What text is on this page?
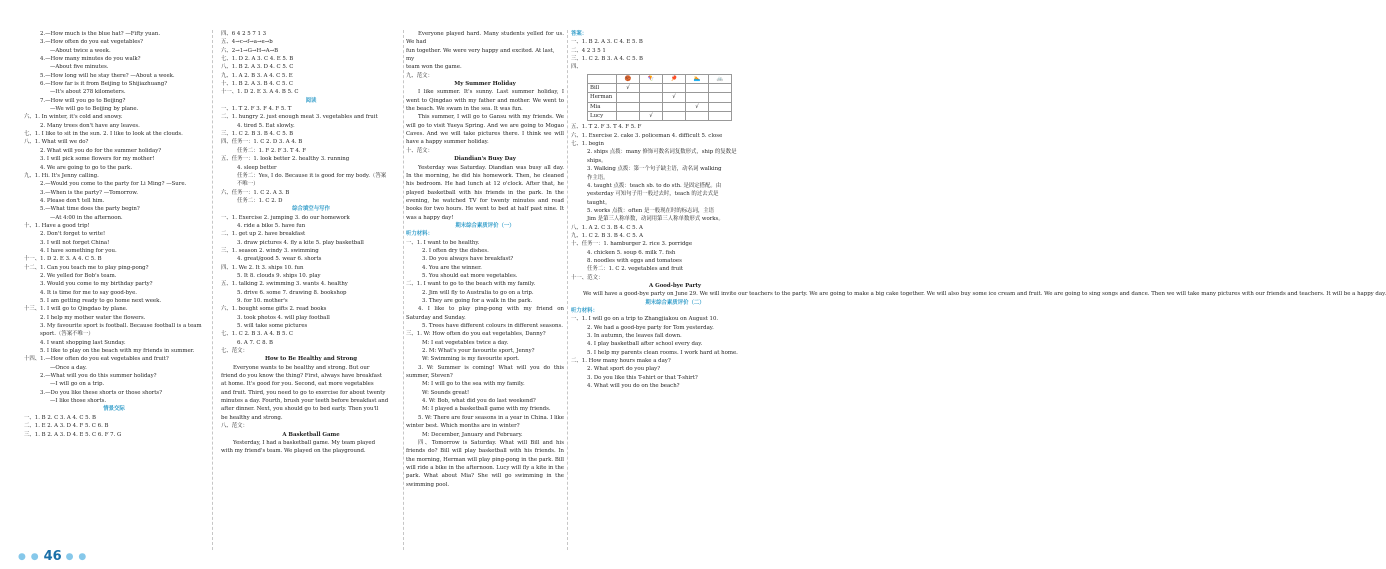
2.—How much is the blue hat? —Fifty yuan.
3.—How often do you eat vegetables?
—About twice a week.
4.—How many minutes do you walk?
—About five minutes.
5.—How long will he stay there? —About a week.
6.—How far is it from Beijing to Shijiazhuang?
—It's about 278 kilometers.
7.—How will you go to Beijing?
—We will go to Beijing by plane.
六、1. In winter, it's cold and snowy.
2. Many trees don't have any leaves.
七、1. I like to sit in the sun. 2. I like to look at the clouds.
八、1. What will we do?
2. What will you do for the summer holiday?
3. I will pick some flowers for my mother!
4. We are going to go to the park.
九、1. Hi. It's Jenny calling.
2.—Would you come to the party for Li Ming? —Sure.
3.—When is the party? —Tomorrow.
4. Please don't tell him.
5.—What time does the party begin?
—At 4:00 in the afternoon.
十、1. Have a good trip!
2. Don't forget to write!
3. I will not forget China!
4. I have something for you.
十一、1. D 2. E 3. A 4. C 5. B
十二、1. Can you teach me to play ping-pong?
2. We yelled for Bob's team.
3. Would you come to my birthday party?
4. It is time for me to say good-bye.
5. I am getting ready to go home next week.
十三、1. I will go to Qingdao by plane.
2. I help my mother water the flowers.
3. My favourite sport is football. Because football is a team
sport.（答案不唯一）
4. I want shopping last Sunday.
5. I like to play on the beach with my friends in summer.
十四、1.—How often do you eat vegetables and fruit?
—Once a day.
2.—What will you do this summer holiday?
—I will go on a trip.
3.—Do you like these shorts or those shorts?
—I like those shorts.
情景交际
一、1. B 2. C 3. A 4. C 5. B
二、1. E 2. A 3. D 4. F 5. C 6. B
三、1. B 2. A 3. D 4. E 5. C 6. F 7. G
四、6 4 2 5 7 1 3
五、4→c→f→a→e→b
六、2→1→G→H→A→B
七、1. D 2. A 3. C 4. E 5. B
八、1. B 2. A 3. D 4. C 5. C
九、1. A 2. B 3. A 4. C 5. E
十、1. B 2. A 3. B 4. C 5. C
十一、1. D 2. E 3. A 4. B 5. C
阅读
一、1. T 2. F 3. F 4. F 5. T
二、1. hungry 2. just enough meat 3. vegetables and fruit
4. tired 5. Eat slowly.
三、1. C 2. B 3. B 4. C 5. B
四、任务一：1. C 2. D 3. A 4. B
任务二：1. F 2. F 3. T 4. F
五、任务一：1. look better 2. healthy 3. running
4. sleep better
任务二：Yes, I do. Because it is good for my body.（答案
不唯一）
六、任务一：1. C 2. A 3. B
任务二：1. C 2. D
综合填空与写作
一、1. Exercise 2. jumping 3. do our homework
4. ride a bike 5. have fun
二、1. get up 2. have breakfast
3. draw pictures 4. fly a kite 5. play basketball
三、1. season 2. windy 3. swimming
4. great/good 5. wear 6. shorts
四、1. We 2. It 3. ships 10. fun
5. It 8. clouds 9. ships 10. play
五、1. talking 2. swimming 3. wants 4. healthy
5. drive 6. some 7. drawing 8. bookshop
9. for 10. mother's
六、1. bought some gifts 2. read books
3. took photos 4. will play football
5. will take some pictures
七、1. C 2. B 3. A 4. B 5. C
6. A 7. C 8. B
七、范文：
How to Be Healthy and Strong
Everyone wants to be healthy and strong. But our
friend do you know the thing? First, always have breakfast
at home. It's good for you. Second, eat more vegetables
and fruit. Third, you need to go to exercise for about twenty
minutes a day. Fourth, brush your teeth before breakfast and
after dinner. Next, you should go to bed early. Then you'll
be healthy and strong.
八、范文：
A Basketball Game
Yesterday, I had a basketball game. My team played
with my friend's team. We played on the playground.
Everyone played hard. Many students yelled for us. We had
fun together. We were very happy and excited. At last, my
team won the game.
九、范文：
My Summer Holiday
I like summer. It's sunny. Last summer holiday, I went to Qingdao with my father and mother. We went to the beach. We swam in the sea. It was fun.
This summer, I will go to Gansu with my friends. We will go to visit Yueya Spring. And we are going to Mogao Caves. And we will take pictures there. I think we will have a happy summer holiday.
十、范文：
Diandian's Busy Day
Yesterday was Saturday. Diandian was busy all day. In the morning, he did his homework. Then, he cleaned his bedroom. He had lunch at 12 o'clock. After that, he played basketball with his friends in the park. In the evening, he watched TV for twenty minutes and read books for two hours. He went to bed at half past nine. It was a happy day!
期末综合素质评价（一）
听力材料：
一、1. I want to be healthy.
2. I often dry the dishes.
3. Do you always have breakfast?
4. You are the winner.
5. You should eat more vegetables.
二、1. I want to go to the beach with my family.
2. Jim will fly to Australia to go on a trip.
3. They are going for a walk in the park.
4. I like to play ping-pong with my friend on Saturday and Sunday.
5. Trees have different colours in different seasons.
三、1. W: How often do you eat vegetables, Danny?
M: I eat vegetables twice a day.
2. M: What's your favourite sport, Jenny?
W: Swimming is my favourite sport.
3. W: Summer is coming! What will you do this summer, Steven?
M: I will go to the sea with my family.
W: Sounds great!
4. W: Bob, what did you do last weekend?
M: I played a basketball game with my friends.
5. W: There are four seasons in a year in China. I like winter best. Which months are in winter?
M: December, January and February.
四、Tomorrow is Saturday. What will Bill and his friends do? Bill will play basketball with his friends. In the morning, Herman will play ping-pong in the park. Bill will ride a bike in the afternoon. Lucy will fly a kite in the park. What about Mia? She will go swimming in the swimming pool.
答案：
一、1. B 2. A 3. C 4. E 5. B
二、4 2 3 5 1
三、1. C 2. B 3. A 4. C 5. B
四、
	🏀	🪁	🏓	🏊	🚲
Bill	√				
Herman			√		
Mia				√	
Lucy		√			
五、1. T 2. F 3. T 4. F 5. F
六、1. Exercise 2. cake 3. policeman 4. difficult 5. close
七、1. begin
2. ships 点拨：many 修饰可数名词复数形式，ship 的复数是
ships。
3. Walking 点拨：第一个句子缺主语，动名词 walking
作主语。
4. taught 点拨：teach sb. to do sth. 是固定搭配。由
yesterday 可知句子用一般过去时，teach 的过去式是
taught。
5. works 点拨：often 是一般现在时的标志词，主语
Jim 是第三人称单数，动词用第三人称单数形式 works。
八、1. A 2. C 3. B 4. C 5. A
九、1. C 2. B 3. B 4. C 5. A
十、任务一：1. hamburger 2. rice 3. porridge
4. chicken 5. soup 6. milk 7. fish
8. noodles with eggs and tomatoes
任务二：1. C 2. vegetables and fruit
十一、范文：
A Good-bye Party
We will have a good-bye party on June 29. We will invite our teachers to the party. We are going to make a big cake together. We will also buy some ice cream and fruit. We are going to sing songs and dance. Then we will take many pictures with our friends and teachers. It will be a happy day.
期末综合素质评价（二）
听力材料：
一、1. I will go on a trip to Zhangjiakou on August 10.
2. We had a good-bye party for Tom yesterday.
3. In autumn, the leaves fall down.
4. I play basketball after school every day.
5. I help my parents clean rooms. I work hard at home.
二、1. How many hours make a day?
2. What sport do you play?
3. Do you like this T-shirt or that T-shirt?
4. What will you do on the beach?
● ● 46 ● ●
